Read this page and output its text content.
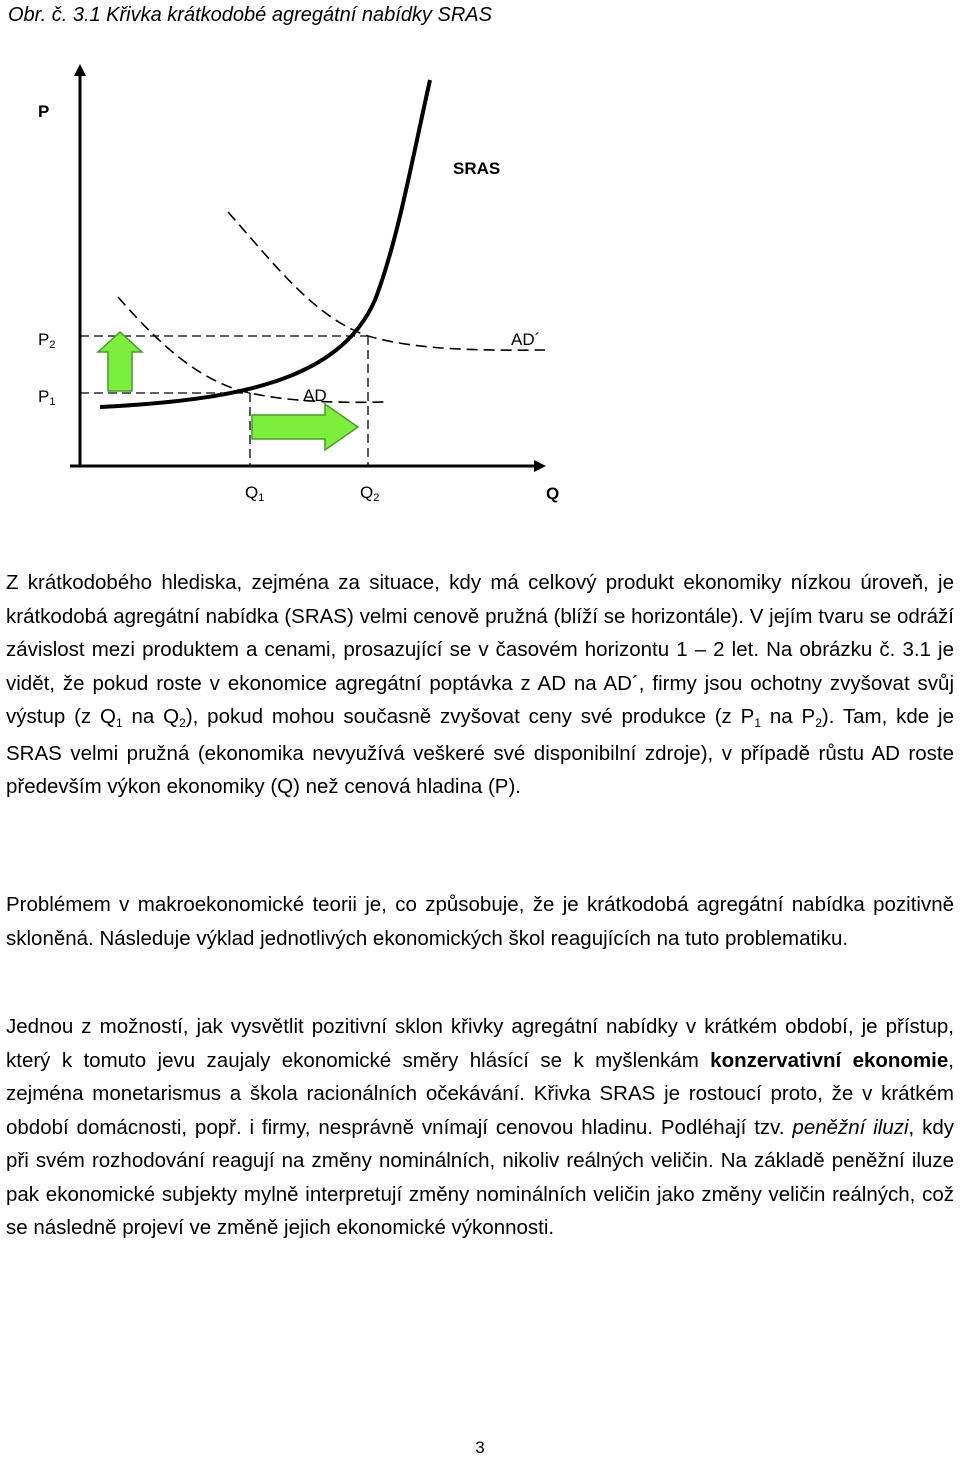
Obr. č. 3.1 Křivka krátkodobé agregátní nabídky SRAS
P
SRAS
AD´
AD
P2
P1
Q1	Q2	Q

Z krátkodobého hlediska, zejména za situace, kdy má celkový produkt ekonomiky nízkou úroveň, je krátkodobá agregátní nabídka (SRAS) velmi cenově pružná (blíží se horizontále). V jejím tvaru se odráží závislost mezi produktem a cenami, prosazující se v časovém horizontu 1 – 2 let. Na obrázku č. 3.1 je vidět, že pokud roste v ekonomice agregátní poptávka z AD na AD´, firmy jsou ochotny zvyšovat svůj výstup (z $Q_1$ na $Q_2$), pokud mohou současně zvyšovat ceny své produkce (z $P_1$ na $P_2$). Tam, kde je SRAS velmi pružná (ekonomika nevyužívá veškeré své disponibilní zdroje), v případě růstu AD roste především výkon ekonomiky (Q) než cenová hladina (P).

Problémem v makroekonomické teorii je, co způsobuje, že je krátkodobá agregátní nabídka pozitivně skloněná. Následuje výklad jednotlivých ekonomických škol reagujících na tuto problematiku.

Jednou z možností, jak vysvětlit pozitivní sklon křivky agregátní nabídky v krátkém období, je přístup, který k tomuto jevu zaujaly ekonomické směry hlásící se k myšlenkám konzervativní ekonomie, zejména monetarismus a škola racionálních očekávání. Křivka SRAS je rostoucí proto, že v krátkém období domácnosti, popř. i firmy, nesprávně vnímají cenovou hladinu. Podléhají tzv. peněžní iluzi, kdy při svém rozhodování reagují na změny nominálních, nikoliv reálných veličin. Na základě peněžní iluze pak ekonomické subjekty mylně interpretují změny nominálních veličin jako změny veličin reálných, což se následně projeví ve změně jejich ekonomické výkonnosti.

3
